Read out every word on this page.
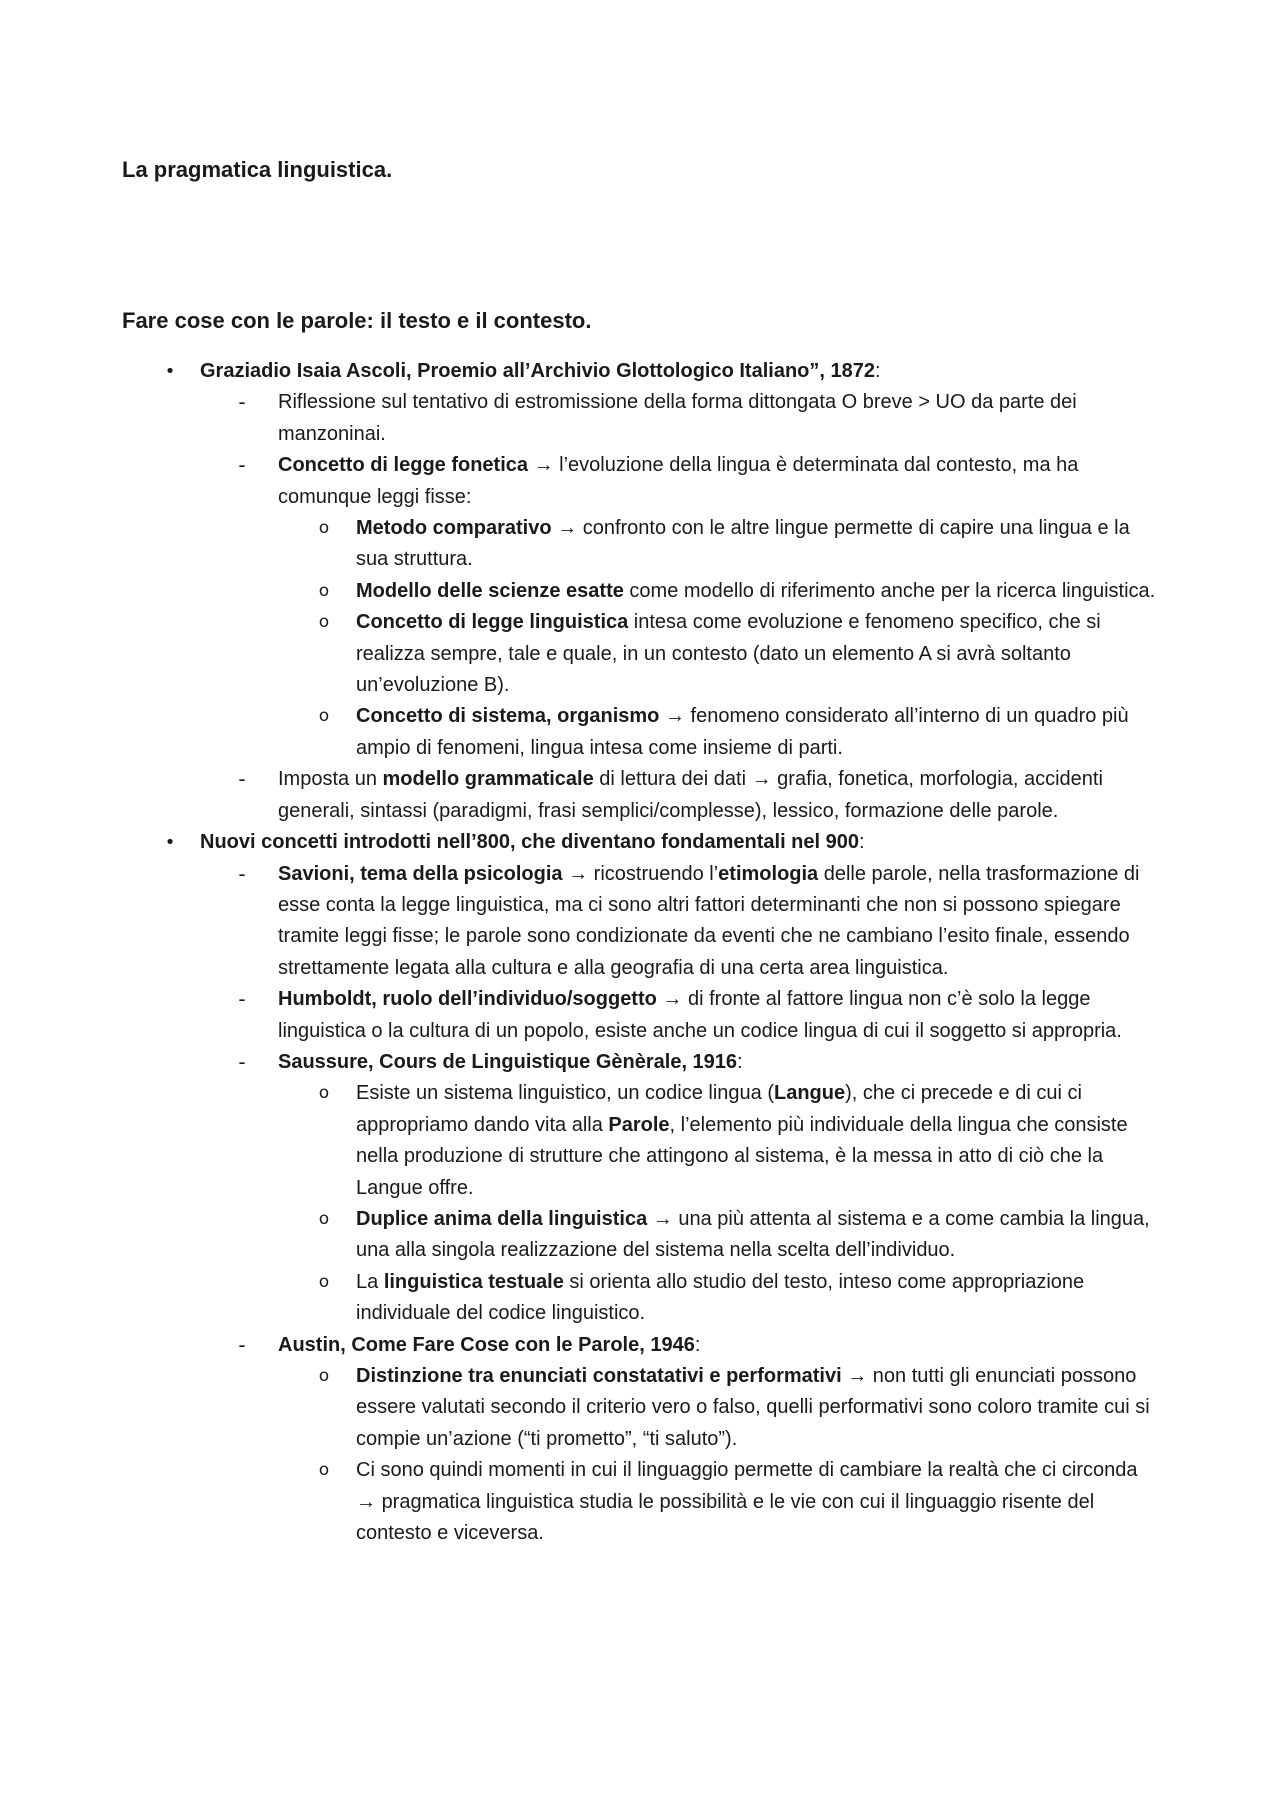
La pragmatica linguistica.
Fare cose con le parole: il testo e il contesto.
•	Graziadio Isaia Ascoli, Proemio all’Archivio Glottologico Italiano”, 1872:
-	Riflessione sul tentativo di estromissione della forma dittongata O breve > UO da parte dei manzoninai.
-	Concetto di legge fonetica → l’evoluzione della lingua è determinata dal contesto, ma ha comunque leggi fisse:
o	Metodo comparativo → confronto con le altre lingue permette di capire una lingua e la sua struttura.
o	Modello delle scienze esatte come modello di riferimento anche per la ricerca linguistica.
o	Concetto di legge linguistica intesa come evoluzione e fenomeno specifico, che si realizza sempre, tale e quale, in un contesto (dato un elemento A si avrà soltanto un’evoluzione B).
o	Concetto di sistema, organismo → fenomeno considerato all’interno di un quadro più ampio di fenomeni, lingua intesa come insieme di parti.
-	Imposta un modello grammaticale di lettura dei dati → grafia, fonetica, morfologia, accidenti generali, sintassi (paradigmi, frasi semplici/complesse), lessico, formazione delle parole.
•	Nuovi concetti introdotti nell’800, che diventano fondamentali nel 900:
-	Savioni, tema della psicologia → ricostruendo l’etimologia delle parole, nella trasformazione di esse conta la legge linguistica, ma ci sono altri fattori determinanti che non si possono spiegare tramite leggi fisse; le parole sono condizionate da eventi che ne cambiano l’esito finale, essendo strettamente legata alla cultura e alla geografia di una certa area linguistica.
-	Humboldt, ruolo dell’individuo/soggetto → di fronte al fattore lingua non c’è solo la legge linguistica o la cultura di un popolo, esiste anche un codice lingua di cui il soggetto si appropria.
-	Saussure, Cours de Linguistique Gènèrale, 1916:
o	Esiste un sistema linguistico, un codice lingua (Langue), che ci precede e di cui ci appropriamo dando vita alla Parole, l’elemento più individuale della lingua che consiste nella produzione di strutture che attingono al sistema, è la messa in atto di ciò che la Langue offre.
o	Duplice anima della linguistica → una più attenta al sistema e a come cambia la lingua, una alla singola realizzazione del sistema nella scelta dell’individuo.
o	La linguistica testuale si orienta allo studio del testo, inteso come appropriazione individuale del codice linguistico.
-	Austin, Come Fare Cose con le Parole, 1946:
o	Distinzione tra enunciati constatativi e performativi → non tutti gli enunciati possono essere valutati secondo il criterio vero o falso, quelli performativi sono coloro tramite cui si compie un’azione (“ti prometto”, “ti saluto”).
o	Ci sono quindi momenti in cui il linguaggio permette di cambiare la realtà che ci circonda → pragmatica linguistica studia le possibilità e le vie con cui il linguaggio risente del contesto e viceversa.
